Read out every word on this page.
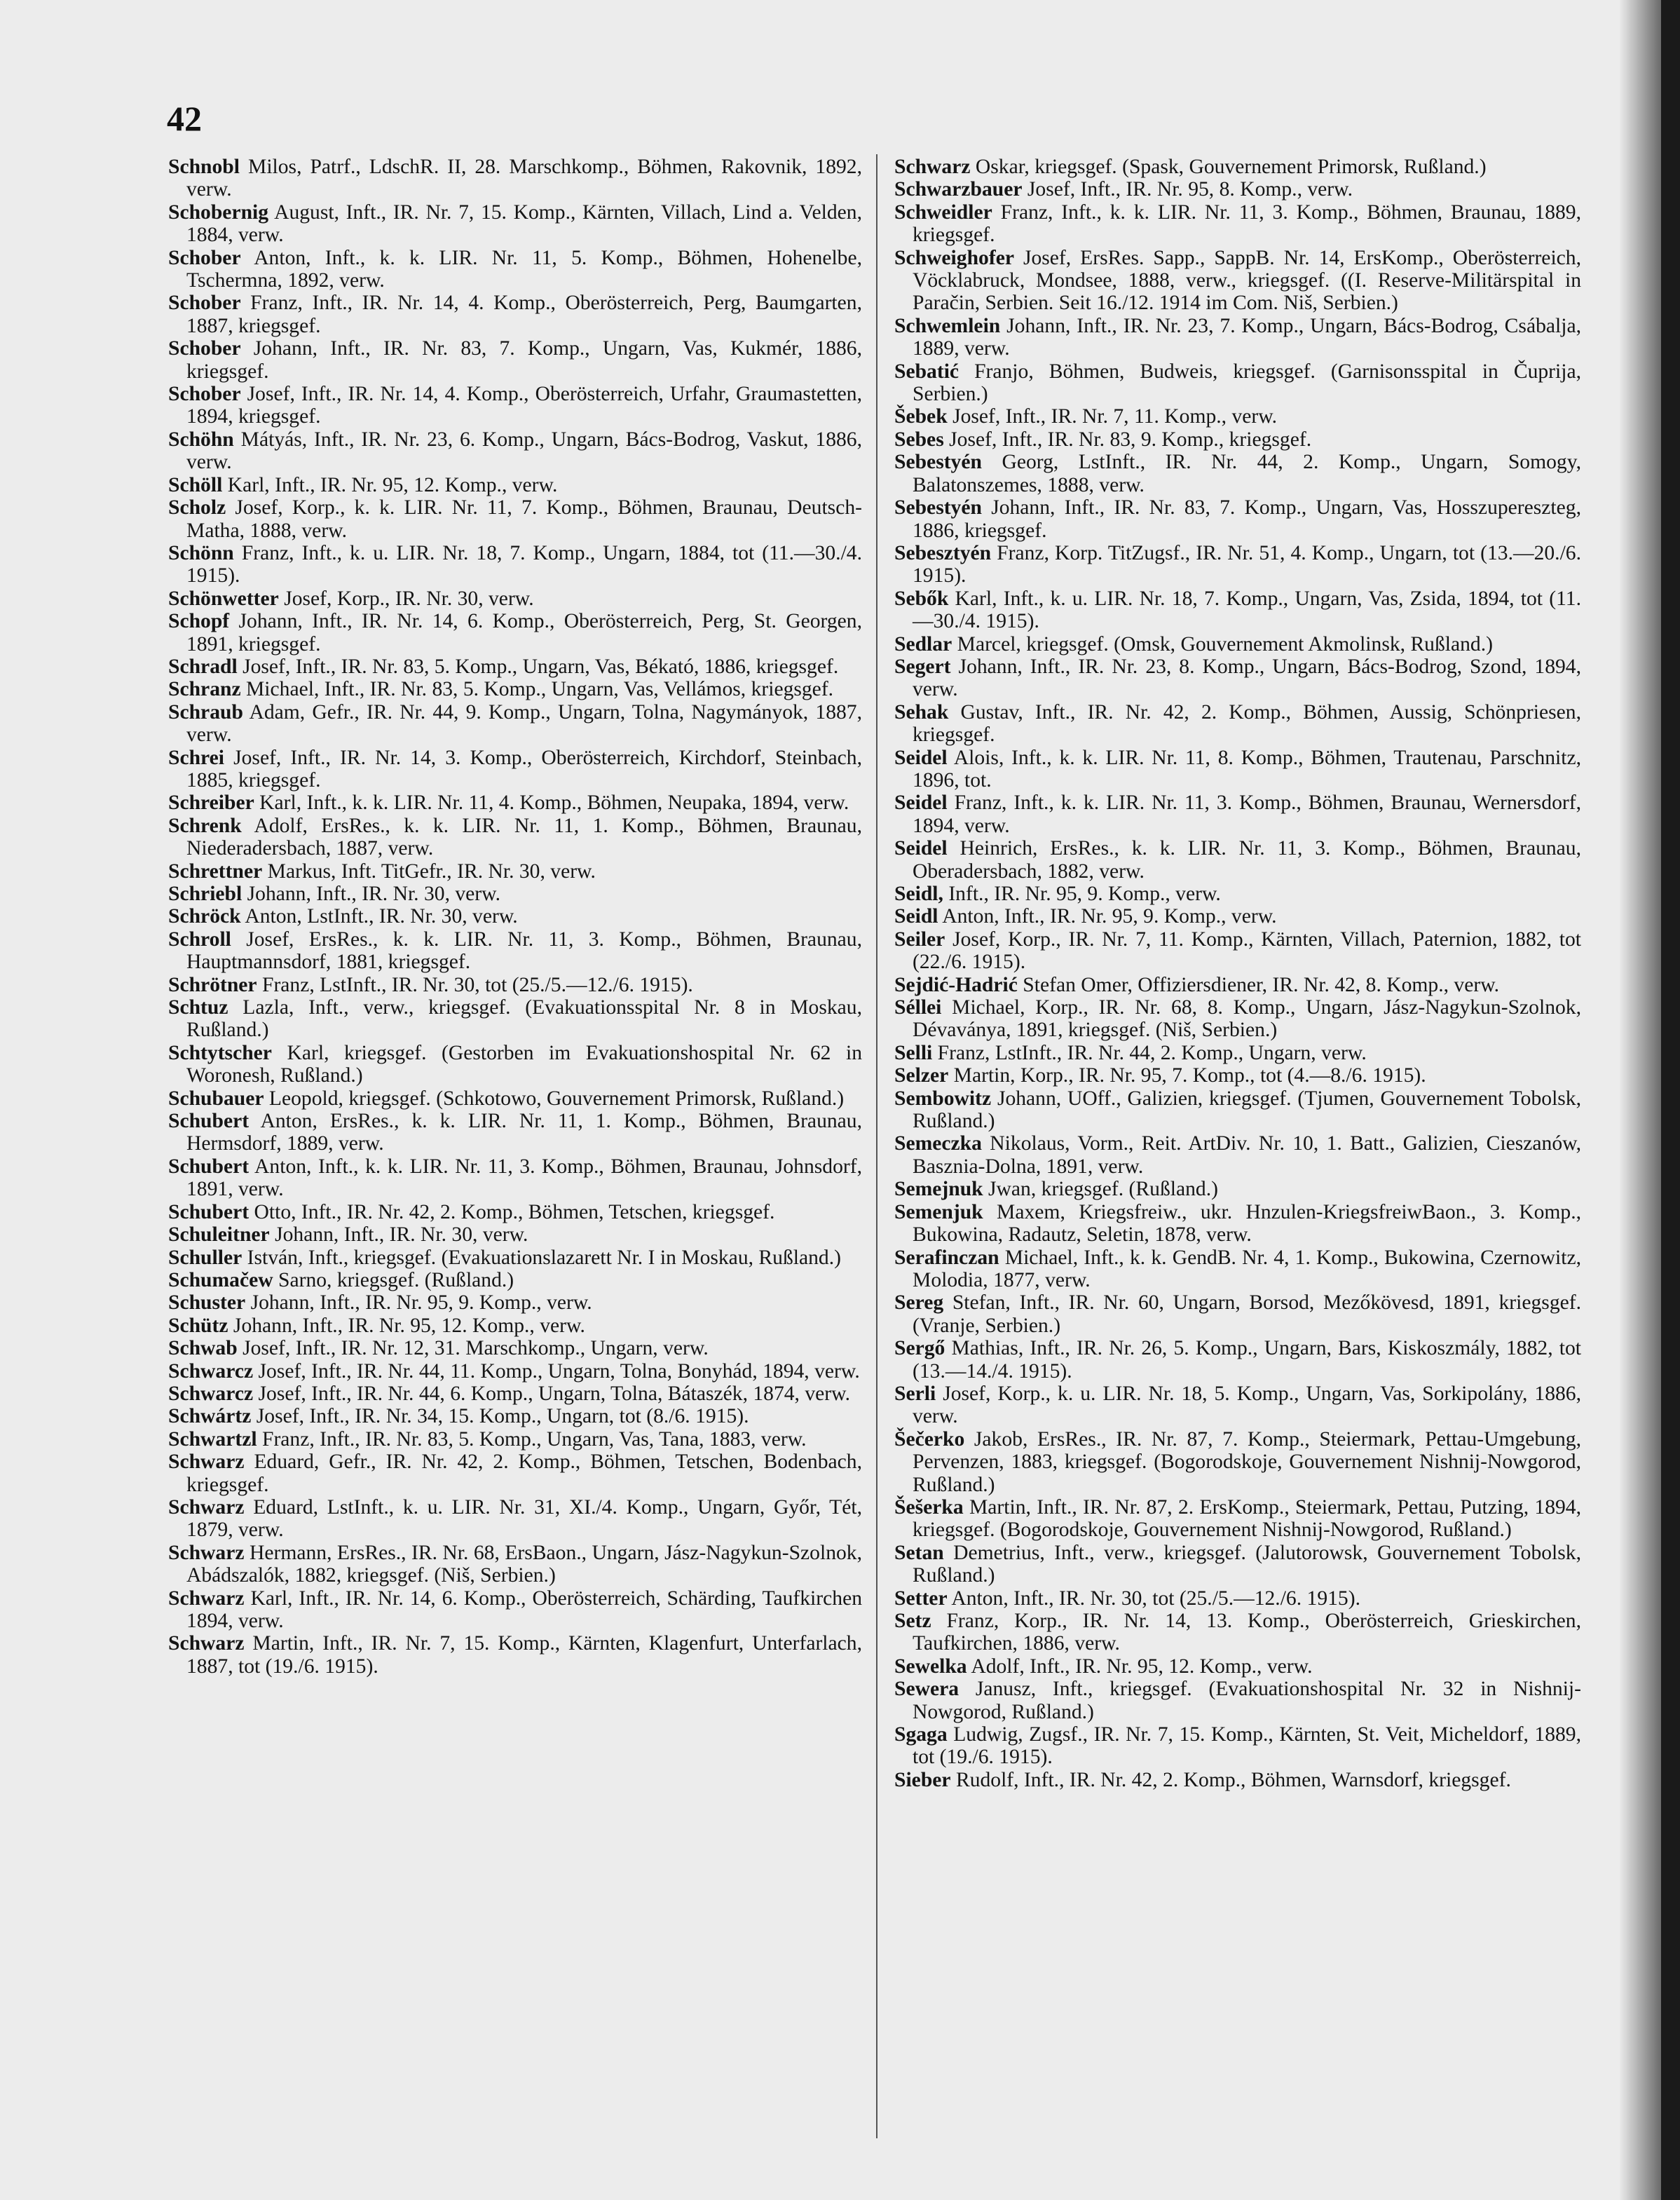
42

Schnobl Milos, Patrf., LdschR. II, 28. Marschkomp., Böhmen, Rakovnik, 1892, verw.

Schobernig August, Inft., IR. Nr. 7, 15. Komp., Kärnten, Villach, Lind a. Velden, 1884, verw.

Schober Anton, Inft., k. k. LIR. Nr. 11, 5. Komp., Böhmen, Hohenelbe, Tschermna, 1892, verw.

Schober Franz, Inft., IR. Nr. 14, 4. Komp., Oberösterreich, Perg, Baumgarten, 1887, kriegsgef.

Schober Johann, Inft., IR. Nr. 83, 7. Komp., Ungarn, Vas, Kukmér, 1886, kriegsgef.

Schober Josef, Inft., IR. Nr. 14, 4. Komp., Oberösterreich, Urfahr, Graumastetten, 1894, kriegsgef.

Schöhn Mátyás, Inft., IR. Nr. 23, 6. Komp., Ungarn, Bács-Bodrog, Vaskut, 1886, verw.

Schöll Karl, Inft., IR. Nr. 95, 12. Komp., verw.

Scholz Josef, Korp., k. k. LIR. Nr. 11, 7. Komp., Böhmen, Braunau, Deutsch-Matha, 1888, verw.

Schönn Franz, Inft., k. u. LIR. Nr. 18, 7. Komp., Ungarn, 1884, tot (11.—30./4. 1915).

Schönwetter Josef, Korp., IR. Nr. 30, verw.

Schopf Johann, Inft., IR. Nr. 14, 6. Komp., Oberösterreich, Perg, St. Georgen, 1891, kriegsgef.

Schradl Josef, Inft., IR. Nr. 83, 5. Komp., Ungarn, Vas, Békató, 1886, kriegsgef.

Schranz Michael, Inft., IR. Nr. 83, 5. Komp., Ungarn, Vas, Vellámos, kriegsgef.

Schraub Adam, Gefr., IR. Nr. 44, 9. Komp., Ungarn, Tolna, Nagymányok, 1887, verw.

Schrei Josef, Inft., IR. Nr. 14, 3. Komp., Oberösterreich, Kirchdorf, Steinbach, 1885, kriegsgef.

Schreiber Karl, Inft., k. k. LIR. Nr. 11, 4. Komp., Böhmen, Neupaka, 1894, verw.

Schrenk Adolf, ErsRes., k. k. LIR. Nr. 11, 1. Komp., Böhmen, Braunau, Niederadersbach, 1887, verw.

Schrettner Markus, Inft. TitGefr., IR. Nr. 30, verw.

Schriebl Johann, Inft., IR. Nr. 30, verw.

Schröck Anton, LstInft., IR. Nr. 30, verw.

Schroll Josef, ErsRes., k. k. LIR. Nr. 11, 3. Komp., Böhmen, Braunau, Hauptmannsdorf, 1881, kriegsgef.

Schrötner Franz, LstInft., IR. Nr. 30, tot (25./5.—12./6. 1915).

Schtuz Lazla, Inft., verw., kriegsgef. (Evakuationsspital Nr. 8 in Moskau, Rußland.)

Schtytscher Karl, kriegsgef. (Gestorben im Evakuationshospital Nr. 62 in Woronesh, Rußland.)

Schubauer Leopold, kriegsgef. (Schkotowo, Gouvernement Primorsk, Rußland.)

Schubert Anton, ErsRes., k. k. LIR. Nr. 11, 1. Komp., Böhmen, Braunau, Hermsdorf, 1889, verw.

Schubert Anton, Inft., k. k. LIR. Nr. 11, 3. Komp., Böhmen, Braunau, Johnsdorf, 1891, verw.

Schubert Otto, Inft., IR. Nr. 42, 2. Komp., Böhmen, Tetschen, kriegsgef.

Schuleitner Johann, Inft., IR. Nr. 30, verw.

Schuller István, Inft., kriegsgef. (Evakuationslazarett Nr. I in Moskau, Rußland.)

Schumačew Sarno, kriegsgef. (Rußland.)

Schuster Johann, Inft., IR. Nr. 95, 9. Komp., verw.

Schütz Johann, Inft., IR. Nr. 95, 12. Komp., verw.

Schwab Josef, Inft., IR. Nr. 12, 31. Marschkomp., Ungarn, verw.

Schwarcz Josef, Inft., IR. Nr. 44, 11. Komp., Ungarn, Tolna, Bonyhád, 1894, verw.

Schwarcz Josef, Inft., IR. Nr. 44, 6. Komp., Ungarn, Tolna, Bátaszék, 1874, verw.

Schwártz Josef, Inft., IR. Nr. 34, 15. Komp., Ungarn, tot (8./6. 1915).

Schwartzl Franz, Inft., IR. Nr. 83, 5. Komp., Ungarn, Vas, Tana, 1883, verw.

Schwarz Eduard, Gefr., IR. Nr. 42, 2. Komp., Böhmen, Tetschen, Bodenbach, kriegsgef.

Schwarz Eduard, LstInft., k. u. LIR. Nr. 31, XI./4. Komp., Ungarn, Győr, Tét, 1879, verw.

Schwarz Hermann, ErsRes., IR. Nr. 68, ErsBaon., Ungarn, Jász-Nagykun-Szolnok, Abádszalók, 1882, kriegsgef. (Niš, Serbien.)

Schwarz Karl, Inft., IR. Nr. 14, 6. Komp., Oberösterreich, Schärding, Taufkirchen 1894, verw.

Schwarz Martin, Inft., IR. Nr. 7, 15. Komp., Kärnten, Klagenfurt, Unterfarlach, 1887, tot (19./6. 1915).

Schwarz Oskar, kriegsgef. (Spask, Gouvernement Primorsk, Rußland.)

Schwarzbauer Josef, Inft., IR. Nr. 95, 8. Komp., verw.

Schweidler Franz, Inft., k. k. LIR. Nr. 11, 3. Komp., Böhmen, Braunau, 1889, kriegsgef.

Schweighofer Josef, ErsRes. Sapp., SappB. Nr. 14, ErsKomp., Oberösterreich, Vöcklabruck, Mondsee, 1888, verw., kriegsgef. ((I. Reserve-Militärspital in Paračin, Serbien. Seit 16./12. 1914 im Com. Niš, Serbien.)

Schwemlein Johann, Inft., IR. Nr. 23, 7. Komp., Ungarn, Bács-Bodrog, Csábalja, 1889, verw.

Sebatić Franjo, Böhmen, Budweis, kriegsgef. (Garnisonsspital in Čuprija, Serbien.)

Šebek Josef, Inft., IR. Nr. 7, 11. Komp., verw.

Sebes Josef, Inft., IR. Nr. 83, 9. Komp., kriegsgef.

Sebestyén Georg, LstInft., IR. Nr. 44, 2. Komp., Ungarn, Somogy, Balatonszemes, 1888, verw.

Sebestyén Johann, Inft., IR. Nr. 83, 7. Komp., Ungarn, Vas, Hosszupereszteg, 1886, kriegsgef.

Sebesztyén Franz, Korp. TitZugsf., IR. Nr. 51, 4. Komp., Ungarn, tot (13.—20./6. 1915).

Sebők Karl, Inft., k. u. LIR. Nr. 18, 7. Komp., Ungarn, Vas, Zsida, 1894, tot (11.—30./4. 1915).

Sedlar Marcel, kriegsgef. (Omsk, Gouvernement Akmolinsk, Rußland.)

Segert Johann, Inft., IR. Nr. 23, 8. Komp., Ungarn, Bács-Bodrog, Szond, 1894, verw.

Sehak Gustav, Inft., IR. Nr. 42, 2. Komp., Böhmen, Aussig, Schönpriesen, kriegsgef.

Seidel Alois, Inft., k. k. LIR. Nr. 11, 8. Komp., Böhmen, Trautenau, Parschnitz, 1896, tot.

Seidel Franz, Inft., k. k. LIR. Nr. 11, 3. Komp., Böhmen, Braunau, Wernersdorf, 1894, verw.

Seidel Heinrich, ErsRes., k. k. LIR. Nr. 11, 3. Komp., Böhmen, Braunau, Oberadersbach, 1882, verw.

Seidl, Inft., IR. Nr. 95, 9. Komp., verw.

Seidl Anton, Inft., IR. Nr. 95, 9. Komp., verw.

Seiler Josef, Korp., IR. Nr. 7, 11. Komp., Kärnten, Villach, Paternion, 1882, tot (22./6. 1915).

Sejdić-Hadrić Stefan Omer, Offiziersdiener, IR. Nr. 42, 8. Komp., verw.

Séllei Michael, Korp., IR. Nr. 68, 8. Komp., Ungarn, Jász-Nagykun-Szolnok, Dévaványa, 1891, kriegsgef. (Niš, Serbien.)

Selli Franz, LstInft., IR. Nr. 44, 2. Komp., Ungarn, verw.

Selzer Martin, Korp., IR. Nr. 95, 7. Komp., tot (4.—8./6. 1915).

Sembowitz Johann, UOff., Galizien, kriegsgef. (Tjumen, Gouvernement Tobolsk, Rußland.)

Semeczka Nikolaus, Vorm., Reit. ArtDiv. Nr. 10, 1. Batt., Galizien, Cieszanów, Basznia-Dolna, 1891, verw.

Semejnuk Jwan, kriegsgef. (Rußland.)

Semenjuk Maxem, Kriegsfreiw., ukr. Hnzulen-KriegsfreiwBaon., 3. Komp., Bukowina, Radautz, Seletin, 1878, verw.

Serafinczan Michael, Inft., k. k. GendB. Nr. 4, 1. Komp., Bukowina, Czernowitz, Molodia, 1877, verw.

Sereg Stefan, Inft., IR. Nr. 60, Ungarn, Borsod, Mezőkövesd, 1891, kriegsgef. (Vranje, Serbien.)

Sergő Mathias, Inft., IR. Nr. 26, 5. Komp., Ungarn, Bars, Kiskoszmály, 1882, tot (13.—14./4. 1915).

Serli Josef, Korp., k. u. LIR. Nr. 18, 5. Komp., Ungarn, Vas, Sorkipolány, 1886, verw.

Šečerko Jakob, ErsRes., IR. Nr. 87, 7. Komp., Steiermark, Pettau-Umgebung, Pervenzen, 1883, kriegsgef. (Bogorodskoje, Gouvernement Nishnij-Nowgorod, Rußland.)

Šešerka Martin, Inft., IR. Nr. 87, 2. ErsKomp., Steiermark, Pettau, Putzing, 1894, kriegsgef. (Bogorodskoje, Gouvernement Nishnij-Nowgorod, Rußland.)

Setan Demetrius, Inft., verw., kriegsgef. (Jalutorowsk, Gouvernement Tobolsk, Rußland.)

Setter Anton, Inft., IR. Nr. 30, tot (25./5.—12./6. 1915).

Setz Franz, Korp., IR. Nr. 14, 13. Komp., Oberösterreich, Grieskirchen, Taufkirchen, 1886, verw.

Sewelka Adolf, Inft., IR. Nr. 95, 12. Komp., verw.

Sewera Janusz, Inft., kriegsgef. (Evakuationshospital Nr. 32 in Nishnij-Nowgorod, Rußland.)

Sgaga Ludwig, Zugsf., IR. Nr. 7, 15. Komp., Kärnten, St. Veit, Micheldorf, 1889, tot (19./6. 1915).

Sieber Rudolf, Inft., IR. Nr. 42, 2. Komp., Böhmen, Warnsdorf, kriegsgef.
